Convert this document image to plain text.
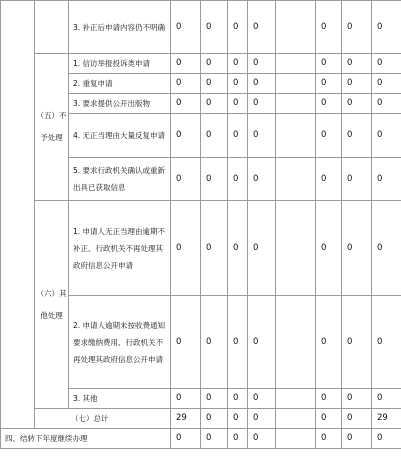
		3. 补正后申请内容仍不明确	0	0	0	0		0	0	0
	（五）不予处理	1. 信访举报投诉类申请	0	0	0	0		0	0	0
		2. 重复申请	0	0	0	0		0	0	0
		3. 要求提供公开出版物	0	0	0	0		0	0	0
		4. 无正当理由大量反复申请	0	0	0	0		0	0	0
		5. 要求行政机关确认或重新出具已获取信息	0	0	0	0		0	0	0
	（六）其他处理	1. 申请人无正当理由逾期不补正、行政机关不再处理其政府信息公开申请	0	0	0	0		0	0	0
		2. 申请人逾期未按收费通知要求缴纳费用、行政机关不再处理其政府信息公开申请	0	0	0	0		0	0	0
		3. 其他	0	0	0	0		0	0	0
	（七）总计		29	0	0	0		0	0	29
四、结转下年度继续办理			0	0	0	0		0	0	0
